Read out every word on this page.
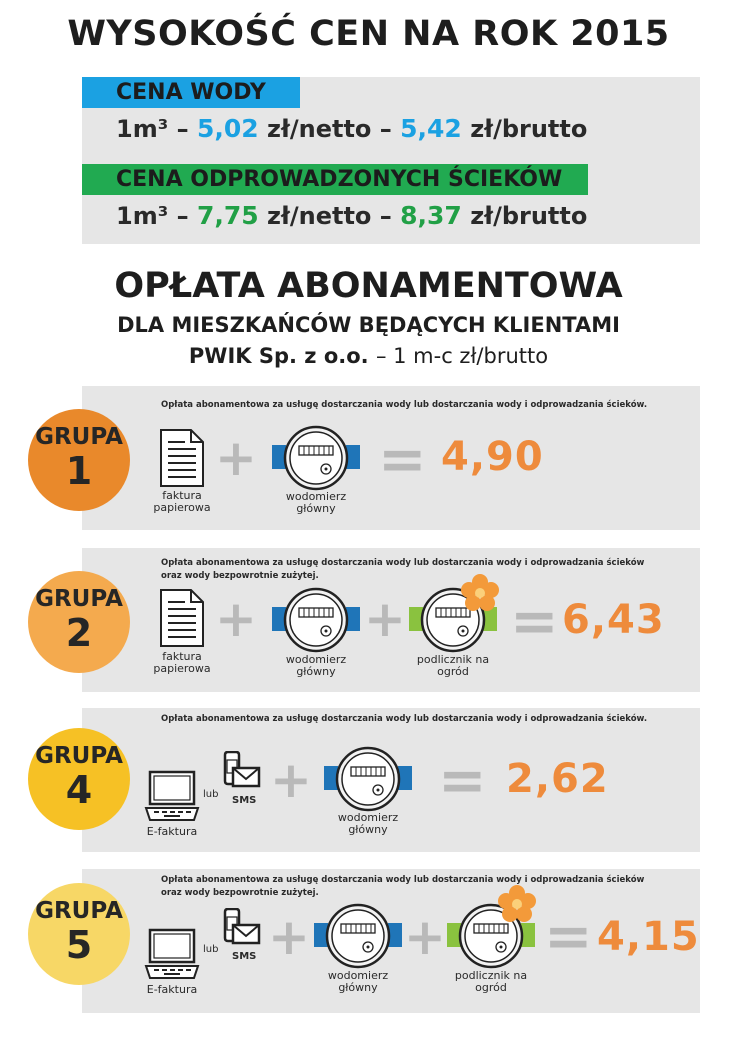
WYSOKOŚĆ CEN NA ROK 2015
CENA WODY
1m³ – 5,02 zł/netto – 5,42 zł/brutto
CENA ODPROWADZONYCH ŚCIEKÓW
1m³ – 7,75 zł/netto – 8,37 zł/brutto
OPŁATA ABONAMENTOWA
DLA MIESZKAŃCÓW BĘDĄCYCH KLIENTAMI
PWIK Sp. z o.o. – 1 m-c zł/brutto
GRUPA
1
Opłata abonamentowa za usługę dostarczania wody lub dostarczania wody i odprowadzania ścieków.
faktura papierowa
+
wodomierz główny
= 4,90
GRUPA
2
Opłata abonamentowa za usługę dostarczania wody lub dostarczania wody i odprowadzania ścieków
oraz wody bezpowrotnie zużytej.
faktura papierowa
+
wodomierz główny
+
podlicznik na ogród
= 6,43
GRUPA
4
Opłata abonamentowa za usługę dostarczania wody lub dostarczania wody i odprowadzania ścieków.
E-faktura
lub
SMS +
wodomierz główny
= 2,62
GRUPA
5
Opłata abonamentowa za usługę dostarczania wody lub dostarczania wody i odprowadzania ścieków
oraz wody bezpowrotnie zużytej.
E-faktura
lub
SMS +
wodomierz główny
+
podlicznik na ogród
= 4,15
